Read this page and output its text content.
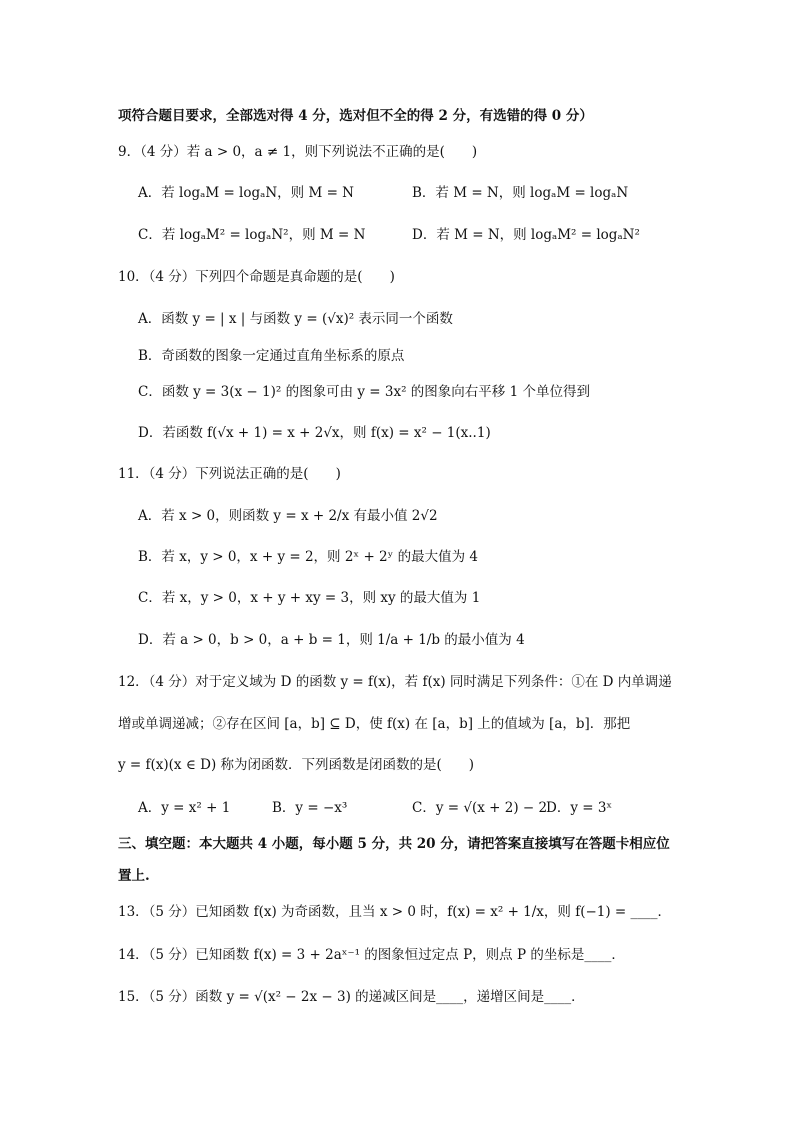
项符合题目要求，全部选对得 4 分，选对但不全的得 2 分，有选错的得 0 分）
9．（4 分）若 a > 0，a ≠ 1，则下列说法不正确的是(　　)
A．若 logₐM = logₐN，则 M = N	B．若 M = N，则 logₐM = logₐN
C．若 logₐM² = logₐN²，则 M = N	D．若 M = N，则 logₐM² = logₐN²
10．（4 分）下列四个命题是真命题的是(　　)
A．函数 y = | x | 与函数 y = (√x)² 表示同一个函数
B．奇函数的图象一定通过直角坐标系的原点
C．函数 y = 3(x − 1)² 的图象可由 y = 3x² 的图象向右平移 1 个单位得到
D．若函数 f(√x + 1) = x + 2√x，则 f(x) = x² − 1(x..1)
11．（4 分）下列说法正确的是(　　)
A．若 x > 0，则函数 y = x + 2/x 有最小值 2√2
B．若 x，y > 0，x + y = 2，则 2ˣ + 2ʸ 的最大值为 4
C．若 x，y > 0，x + y + xy = 3，则 xy 的最大值为 1
D．若 a > 0，b > 0，a + b = 1，则 1/a + 1/b 的最小值为 4
12．（4 分）对于定义域为 D 的函数 y = f(x)，若 f(x) 同时满足下列条件：①在 D 内单调递
增或单调递减；②存在区间 [a，b] ⊆ D，使 f(x) 在 [a，b] 上的值域为 [a，b]．那把
y = f(x)(x ∈ D) 称为闭函数．下列函数是闭函数的是(　　)
A．y = x² + 1	B．y = −x³	C．y = √(x + 2) − 2
D．y = 3ˣ
三、填空题：本大题共 4 小题，每小题 5 分，共 20 分，请把答案直接填写在答题卡相应位
置上.
13．（5 分）已知函数 f(x) 为奇函数，且当 x > 0 时，f(x) = x² + 1/x，则 f(−1) = ____．
14．（5 分）已知函数 f(x) = 3 + 2aˣ⁻¹ 的图象恒过定点 P，则点 P 的坐标是____．
15．（5 分）函数 y = √(x² − 2x − 3) 的递减区间是____，递增区间是____．
